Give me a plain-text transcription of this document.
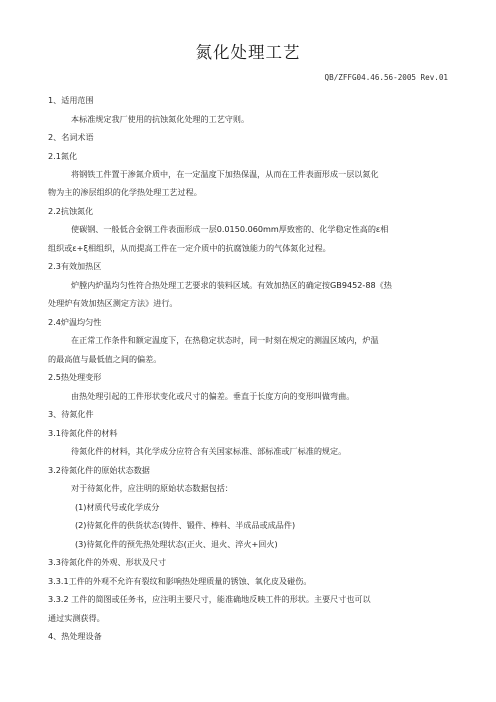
氮化处理工艺
QB/ZFFG04.46.56-2005 Rev.01
1、适用范围
本标准规定我厂使用的抗蚀氮化处理的工艺守则。
2、名词术语
2.1氮化
将钢铁工件置于渗氮介质中，在一定温度下加热保温，从而在工件表面形成一层以氮化
物为主的渗层组织的化学热处理工艺过程。
2.2抗蚀氮化
使碳钢、一般低合金钢工件表面形成一层0.0150.060mm厚致密的、化学稳定性高的ε相
组织或ε+ξ相组织，从而提高工件在一定介质中的抗腐蚀能力的气体氮化过程。
2.3有效加热区
炉膛内炉温均匀性符合热处理工艺要求的装料区域。有效加热区的确定按GB9452-88《热
处理炉有效加热区测定方法》进行。
2.4炉温均匀性
在正常工作条件和额定温度下，在热稳定状态时，同一时刻在规定的测温区域内，炉温
的最高值与最低值之间的偏差。
2.5热处理变形
由热处理引起的工件形状变化或尺寸的偏差。垂直于长度方向的变形叫做弯曲。
3、待氮化件
3.1待氮化件的材料
待氮化件的材料，其化学成分应符合有关国家标准、部标准或厂标准的规定。
3.2待氮化件的原始状态数据
对于待氮化件，应注明的原始状态数据包括：
(1)材质代号或化学成分
(2)待氮化件的供货状态(铸件、锻件、棒料、半成品或成品件)
(3)待氮化件的预先热处理状态(正火、退火、淬火+回火)
3.3待氮化件的外观、形状及尺寸
3.3.1工件的外观不允许有裂纹和影响热处理质量的锈蚀、氧化皮及碰伤。
3.3.2 工件的简图或任务书，应注明主要尺寸，能准确地反映工件的形状。主要尺寸也可以
通过实测获得。
4、热处理设备
